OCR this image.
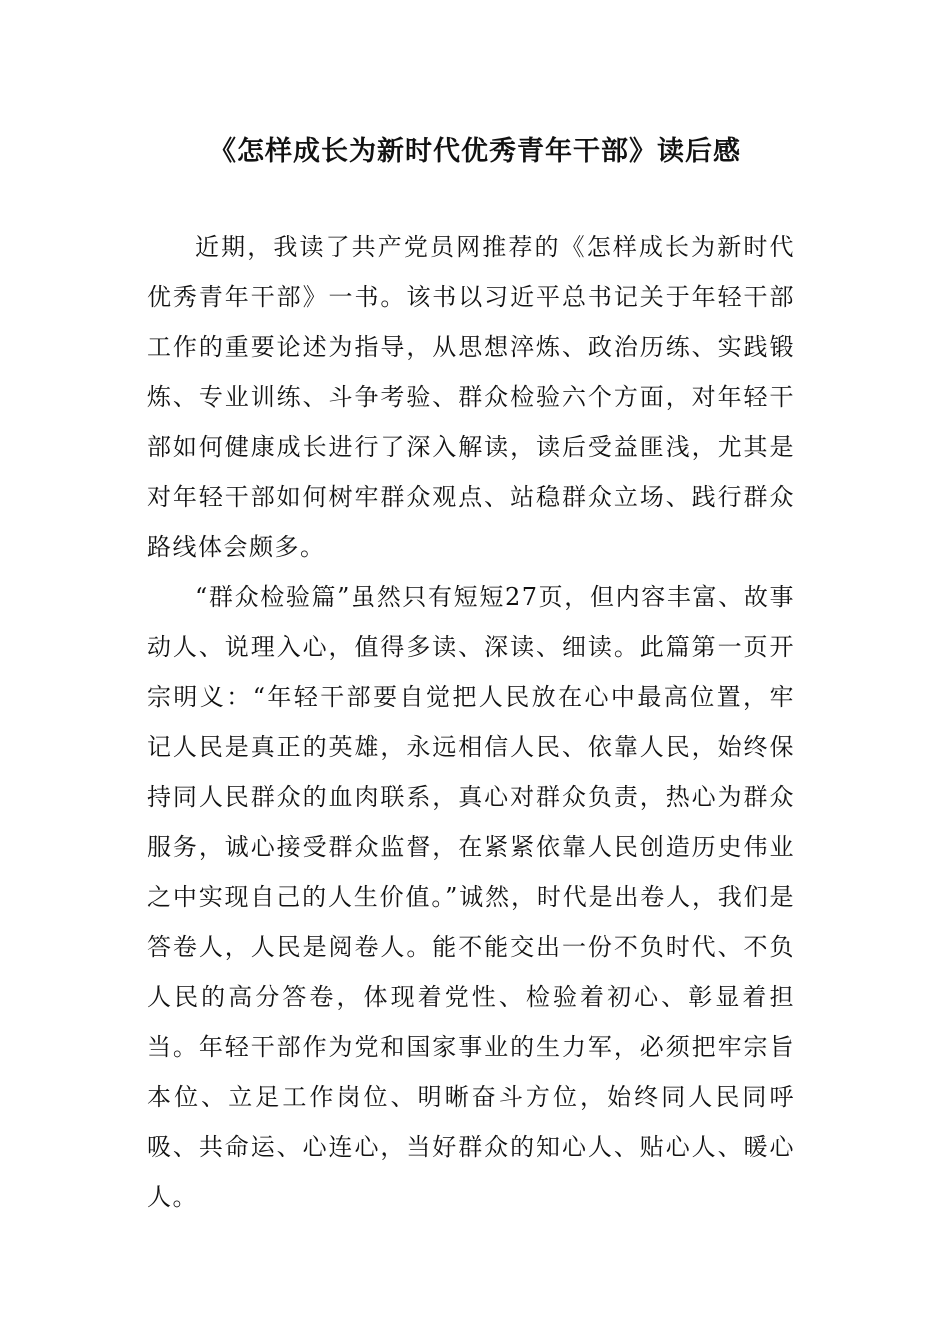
《怎样成长为新时代优秀青年干部》读后感

近期，我读了共产党员网推荐的《怎样成长为新时代优秀青年干部》一书。该书以习近平总书记关于年轻干部工作的重要论述为指导，从思想淬炼、政治历练、实践锻炼、专业训练、斗争考验、群众检验六个方面，对年轻干部如何健康成长进行了深入解读，读后受益匪浅，尤其是对年轻干部如何树牢群众观点、站稳群众立场、践行群众路线体会颇多。

“群众检验篇”虽然只有短短27页，但内容丰富、故事动人、说理入心，值得多读、深读、细读。此篇第一页开宗明义：“年轻干部要自觉把人民放在心中最高位置，牢记人民是真正的英雄，永远相信人民、依靠人民，始终保持同人民群众的血肉联系，真心对群众负责，热心为群众服务，诚心接受群众监督，在紧紧依靠人民创造历史伟业之中实现自己的人生价值。”诚然，时代是出卷人，我们是答卷人，人民是阅卷人。能不能交出一份不负时代、不负人民的高分答卷，体现着党性、检验着初心、彰显着担当。年轻干部作为党和国家事业的生力军，必须把牢宗旨本位、立足工作岗位、明晰奋斗方位，始终同人民同呼吸、共命运、心连心，当好群众的知心人、贴心人、暖心人。
